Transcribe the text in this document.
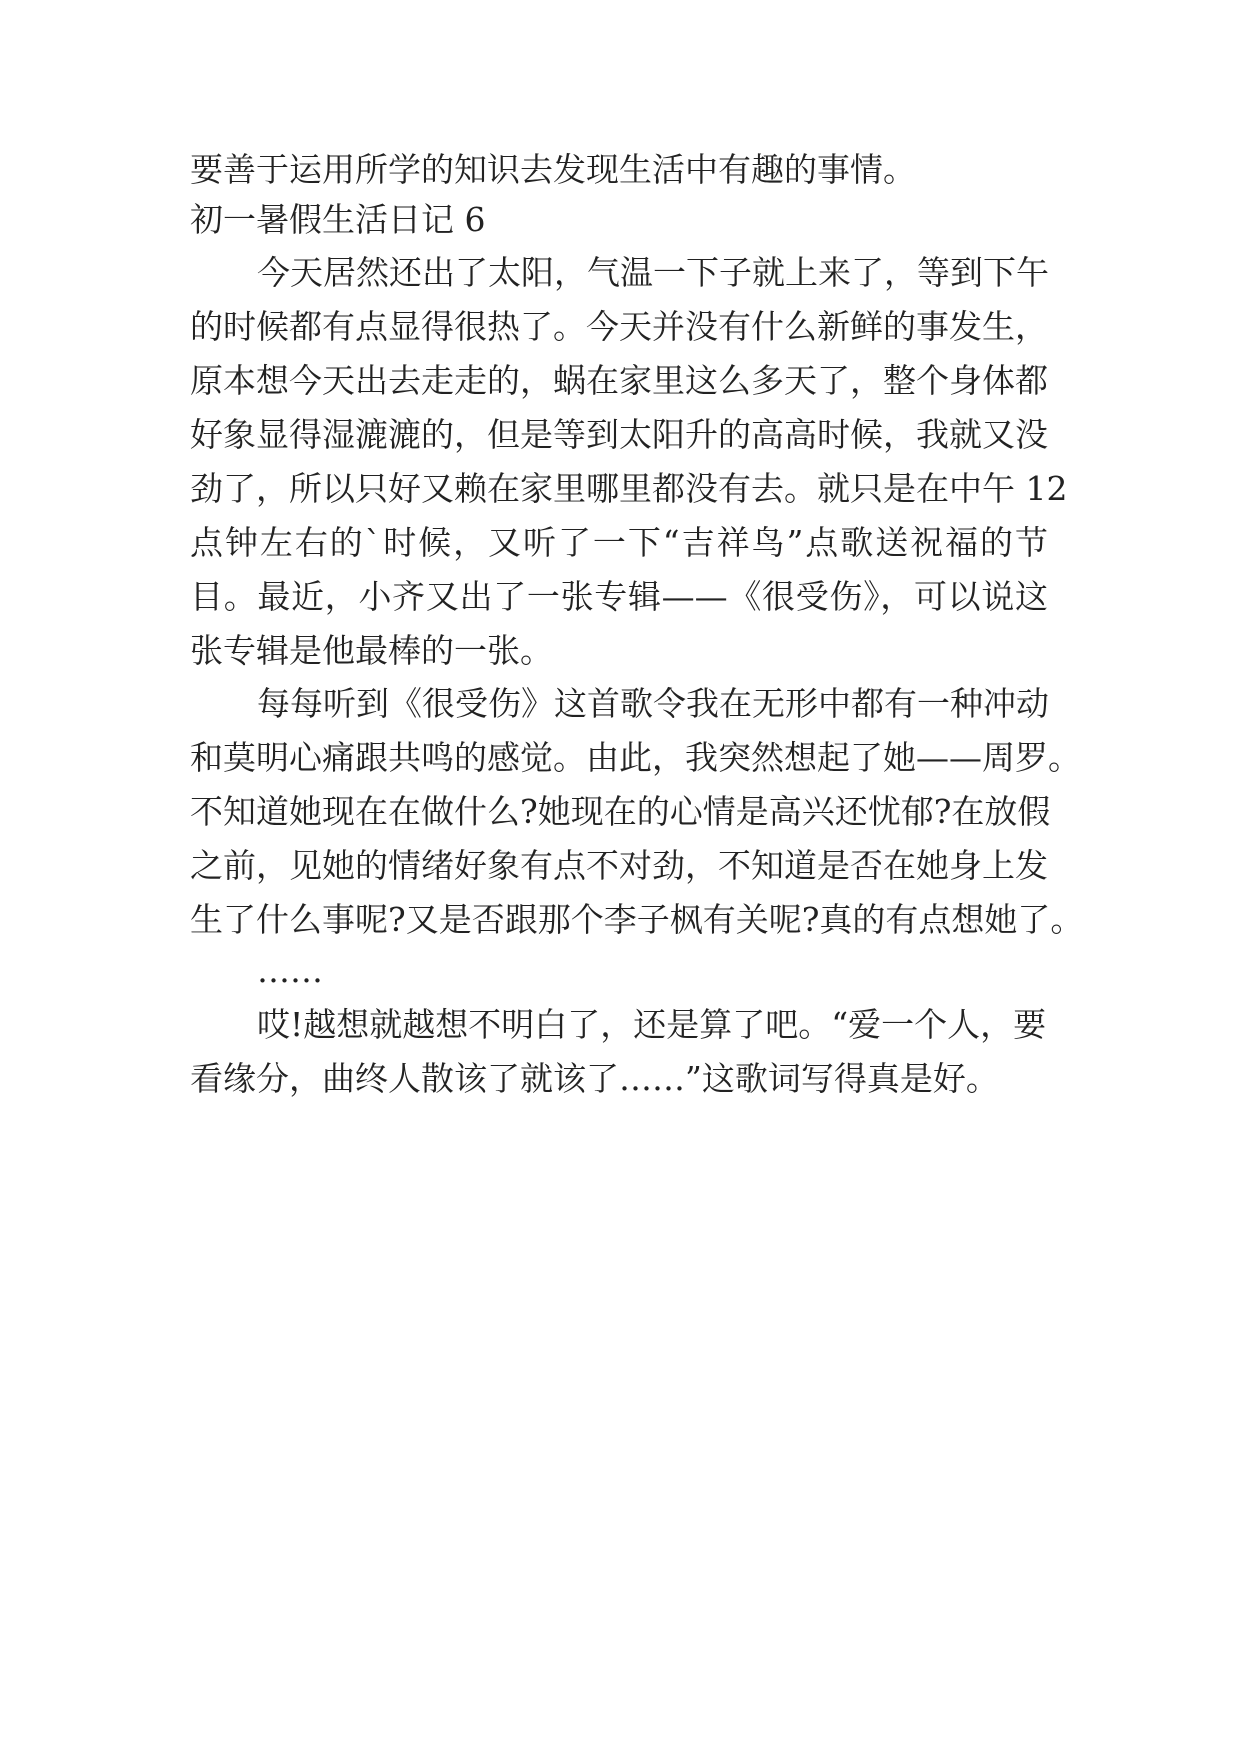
要善于运用所学的知识去发现生活中有趣的事情。
初一暑假生活日记 6
今天居然还出了太阳，气温一下子就上来了，等到下午
的时候都有点显得很热了。今天并没有什么新鲜的事发生，
原本想今天出去走走的，蜗在家里这么多天了，整个身体都
好象显得湿漉漉的，但是等到太阳升的高高时候，我就又没
劲了，所以只好又赖在家里哪里都没有去。就只是在中午 12
点钟左右的`时候，又听了一下“吉祥鸟”点歌送祝福的节
目。最近，小齐又出了一张专辑——《很受伤》，可以说这
张专辑是他最棒的一张。
每每听到《很受伤》这首歌令我在无形中都有一种冲动
和莫明心痛跟共鸣的感觉。由此，我突然想起了她——周罗。
不知道她现在在做什么?她现在的心情是高兴还忧郁?在放假
之前，见她的情绪好象有点不对劲，不知道是否在她身上发
生了什么事呢?又是否跟那个李子枫有关呢?真的有点想她了。
……
哎!越想就越想不明白了，还是算了吧。“爱一个人，要
看缘分，曲终人散该了就该了……”这歌词写得真是好。
